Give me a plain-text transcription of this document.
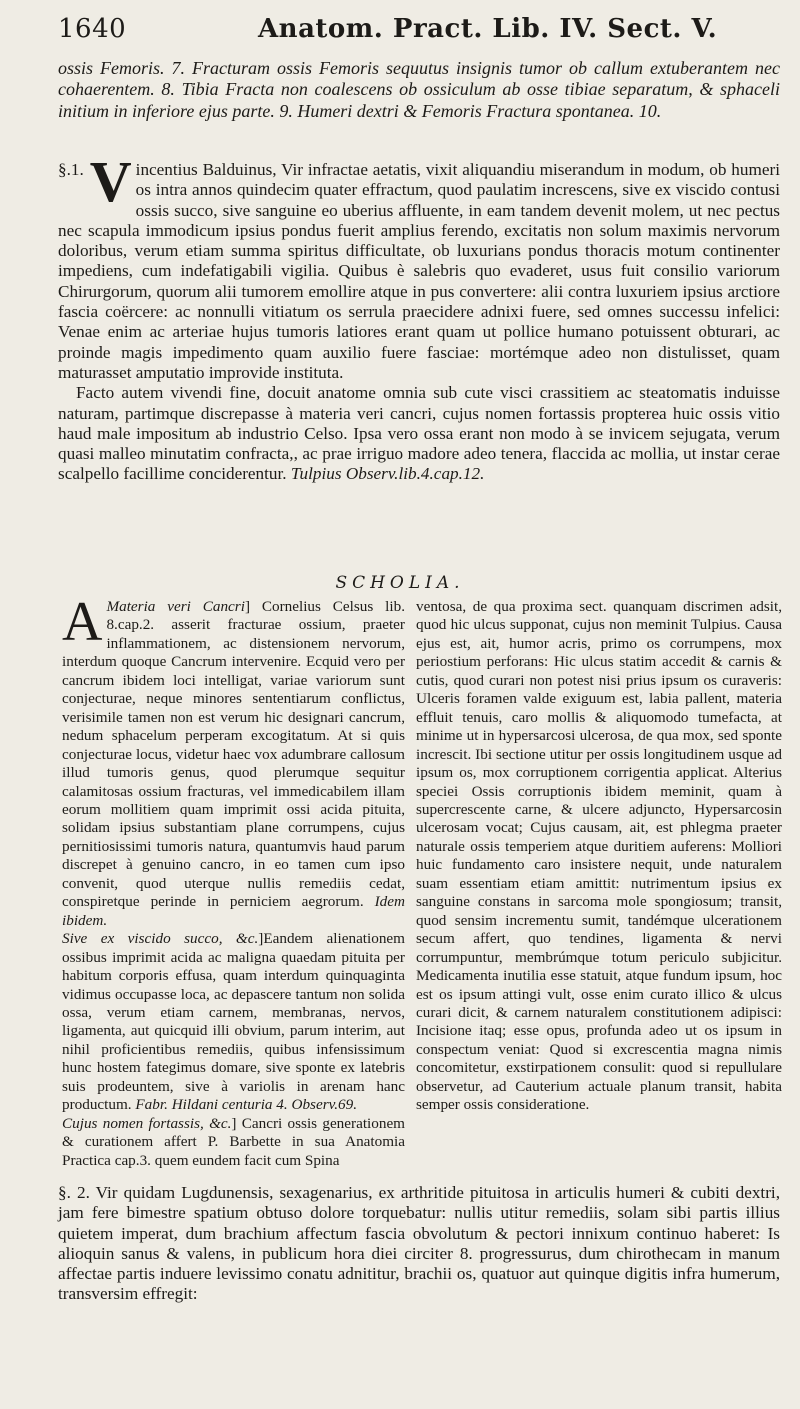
1640	Anatom. Pract. Lib. IV. Sect. V.

ossis Femoris. 7. Fracturam ossis Femoris sequutus insignis tumor ob callum extuberantem nec cohaerentem. 8. Tibia Fracta non coalescens ob ossiculum ab osse tibiae separatum, & sphaceli initium in inferiore ejus parte. 9. Humeri dextri & Femoris Fractura spontanea. 10.

§.1. V incentius Balduinus, Vir infractae aetatis, vixit aliquandiu miserandum in modum, ob humeri os intra annos quindecim quater effractum, quod paulatim increscens, sive ex viscido contusi ossis succo, sive sanguine eo uberius affluente, in eam tandem devenit molem, ut nec pectus nec scapula immodicum ipsius pondus fuerit amplius ferendo, excitatis non solum maximis nervorum doloribus, verum etiam summa spiritus difficultate, ob luxurians pondus thoracis motum continenter impediens, cum indefatigabili vigilia. Quibus è salebris quo evaderet, usus fuit consilio variorum Chirurgorum, quorum alii tumorem emollire atque in pus convertere: alii contra luxuriem ipsius arctiore fascia coërcere: ac nonnulli vitiatum os serrula praecidere adnixi fuere, sed omnes successu infelici: Venae enim ac arteriae hujus tumoris latiores erant quam ut pollice humano potuissent obturari, ac proinde magis impedimento quam auxilio fuere fasciae: mortémque adeo non distulisset, quam maturasset amputatio improvide instituta.

Facto autem vivendi fine, docuit anatome omnia sub cute visci crassitiem ac steatomatis induisse naturam, partimque discrepasse à materia veri cancri, cujus nomen fortassis propterea huic ossis vitio haud male impositum ab industrio Celso. Ipsa vero ossa erant non modo à se invicem sejugata, verum quasi malleo minutatim confracta,, ac prae irriguo madore adeo tenera, flaccida ac mollia, ut instar cerae scalpello facillime conciderentur. Tulpius Observ.lib.4.cap.12.

SCHOLIA.

A Materia veri Cancri] Cornelius Celsus lib. 8.cap.2. asserit fracturae ossium, praeter inflammationem, ac distensionem nervorum, interdum quoque Cancrum intervenire. Ecquid vero per cancrum ibidem loci intelligat, variae variorum sunt conjecturae, neque minores sententiarum conflictus, verisimile tamen non est verum hic designari cancrum, nedum sphacelum perperam excogitatum. At si quis conjecturae locus, videtur haec vox adumbrare callosum illud tumoris genus, quod plerumque sequitur calamitosas ossium fracturas, vel immedicabilem illam eorum mollitiem quam imprimit ossi acida pituita, solidam ipsius substantiam plane corrumpens, cujus pernitiosissimi tumoris natura, quantumvis haud parum discrepet à genuino cancro, in eo tamen cum ipso convenit, quod uterque nullis remediis cedat, conspiretque perinde in perniciem aegrorum. Idem ibidem.

Sive ex viscido succo, &c.]Eandem alienationem ossibus imprimit acida ac maligna quaedam pituita per habitum corporis effusa, quam interdum quinquaginta vidimus occupasse loca, ac depascere tantum non solida ossa, verum etiam carnem, membranas, nervos, ligamenta, aut quicquid illi obvium, parum interim, aut nihil proficientibus remediis, quibus infensissimum hunc hostem fategimus domare, sive sponte ex latebris suis prodeuntem, sive à variolis in arenam hanc productum. Fabr. Hildani centuria 4. Observ.69.

Cujus nomen fortassis, &c.] Cancri ossis generationem & curationem affert P. Barbette in sua Anatomia Practica cap.3. quem eundem facit cum Spina

ventosa, de qua proxima sect. quanquam discrimen adsit, quod hic ulcus supponat, cujus non meminit Tulpius. Causa ejus est, ait, humor acris, primo os corrumpens, mox periostium perforans: Hic ulcus statim accedit & carnis & cutis, quod curari non potest nisi prius ipsum os curaveris: Ulceris foramen valde exiguum est, labia pallent, materia effluit tenuis, caro mollis & aliquomodo tumefacta, at minime ut in hypersarcosi ulcerosa, de qua mox, sed sponte increscit. Ibi sectione utitur per ossis longitudinem usque ad ipsum os, mox corruptionem corrigentia applicat. Alterius speciei Ossis corruptionis ibidem meminit, quam à supercrescente carne, & ulcere adjuncto, Hypersarcosin ulcerosam vocat; Cujus causam, ait, est phlegma praeter naturale ossis temperiem atque duritiem auferens: Molliori huic fundamento caro insistere nequit, unde naturalem suam essentiam etiam amittit: nutrimentum ipsius ex sanguine constans in sarcoma mole spongiosum; transit, quod sensim incrementu sumit, tandémque ulcerationem secum affert, quo tendines, ligamenta & nervi corrumpuntur, membrúmque totum periculo subjicitur. Medicamenta inutilia esse statuit, atque fundum ipsum, hoc est os ipsum attingi vult, osse enim curato illico & ulcus curari dicit, & carnem naturalem constitutionem adipisci: Incisione itaq; esse opus, profunda adeo ut os ipsum in conspectum veniat: Quod si excrescentia magna nimis concomitetur, exstirpationem consulit: quod si repullulare observetur, ad Cauterium actuale planum transit, habita semper ossis consideratione.

§. 2. Vir quidam Lugdunensis, sexagenarius, ex arthritide pituitosa in articulis humeri & cubiti dextri, jam fere bimestre spatium obtuso dolore torquebatur: nullis utitur remediis, solam sibi partis illius quietem imperat, dum brachium affectum fascia obvolutum & pectori innixum continuo haberet: Is alioquin sanus & valens, in publicum hora diei circiter 8. progressurus, dum chirothecam in manum affectae partis induere levissimo conatu adnititur, brachii os, quatuor aut quinque digitis infra humerum, transversim effregit:
